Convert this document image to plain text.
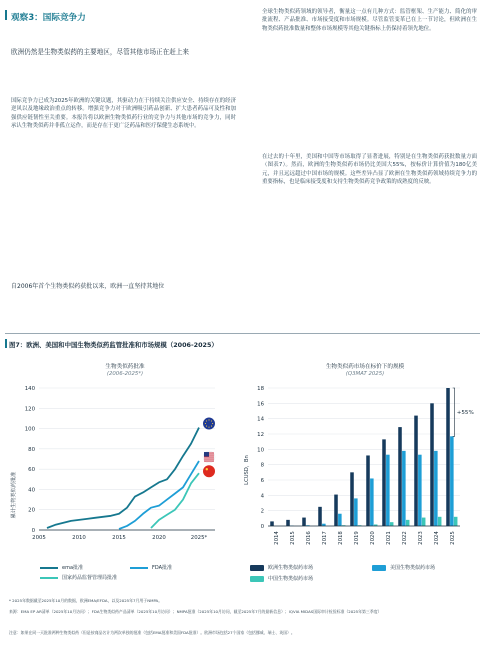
观察3：国际竞争力
欧洲仍然是生物类似药的主要地区，尽管其他市场正在赶上来
国际竞争力已成为2025年欧洲的关键议题，其驱动力在于持续关注供应安全、持续存在的经济逆风以及地缘政治重点的转移。增强竞争力对于欧洲吸引药品创新、扩大患者药品可及性和加强供应链韧性至关重要。本报告将以欧洲生物类似药行业的竞争力与其他市场的竞争力，同时承认生物类似药并非孤立运作，而是存在于更广泛药品和医疗保健生态系统中。
全球生物类似药领域的领导者，衡量这一点有几种方式：监管框架、生产能力、简化的审批流程、产品批准、市场接受度和市场规模。尽管监管变革已在上一节讨论，但欧洲在生物类似药批准数量和整体市场规模等其他关键指标上仍保持着领先地位。
在过去的十年里，美国和中国等市场取得了显著进展，特别是在生物类似药获批数量方面（图表7）。然而，欧洲的生物类似药市场仍比美国大55%，按标价计算价值为180亿美元，并且远远超过中国市场的规模。这些差异凸显了欧洲在生物类似药领域持续竞争力的重要指标，也是临床接受度和支持生物类似药竞争政策的成熟度的反映。
自2006年首个生物类似药获批以来，欧洲一直坚持其地位
图7：欧洲、美国和中国生物类似药监管批准和市场规模（2006-2025）
生物类似药批准
(2006-2025*)
生物类似药市场在标价下的规模
(Q3MAT 2025)
0
20
40
60
80
100
120
140
2005	2010	2015	2020	2025*
累计生物类似药批准
ema批准	FDA批准
国家药品监督管理局批准
0
2
4
6
8
10
12
14
16
18
2014 2015 2016 2017 2018 2019 2020 2021 2022 2023 2024 2025
+55%
LCUSD，Bn
欧洲生物类似药市场	美国生物类似药市场
中国生物类似药市场
* 2025年数据截至2025年10月的数据，欧洲EMA/EFDA，以及2025年7月用于NMPA。
来源：EMA EP AR清单（2025年10月访问）；FDA生物类似药产品清单（2025年10月访问）；NMPA批准（2025年10月访问，截至2025年7月的最新信息）；IQVIA MIDAS国际审计检验标准（2025年第三季度）
注意：如果在同一天批准两种生物类似药（但是按商品名计为两次单独的批准（包括EMA批准和美国FDA批准）。欧洲市场包括27个国家（包括挪威、瑞士、英国）。
